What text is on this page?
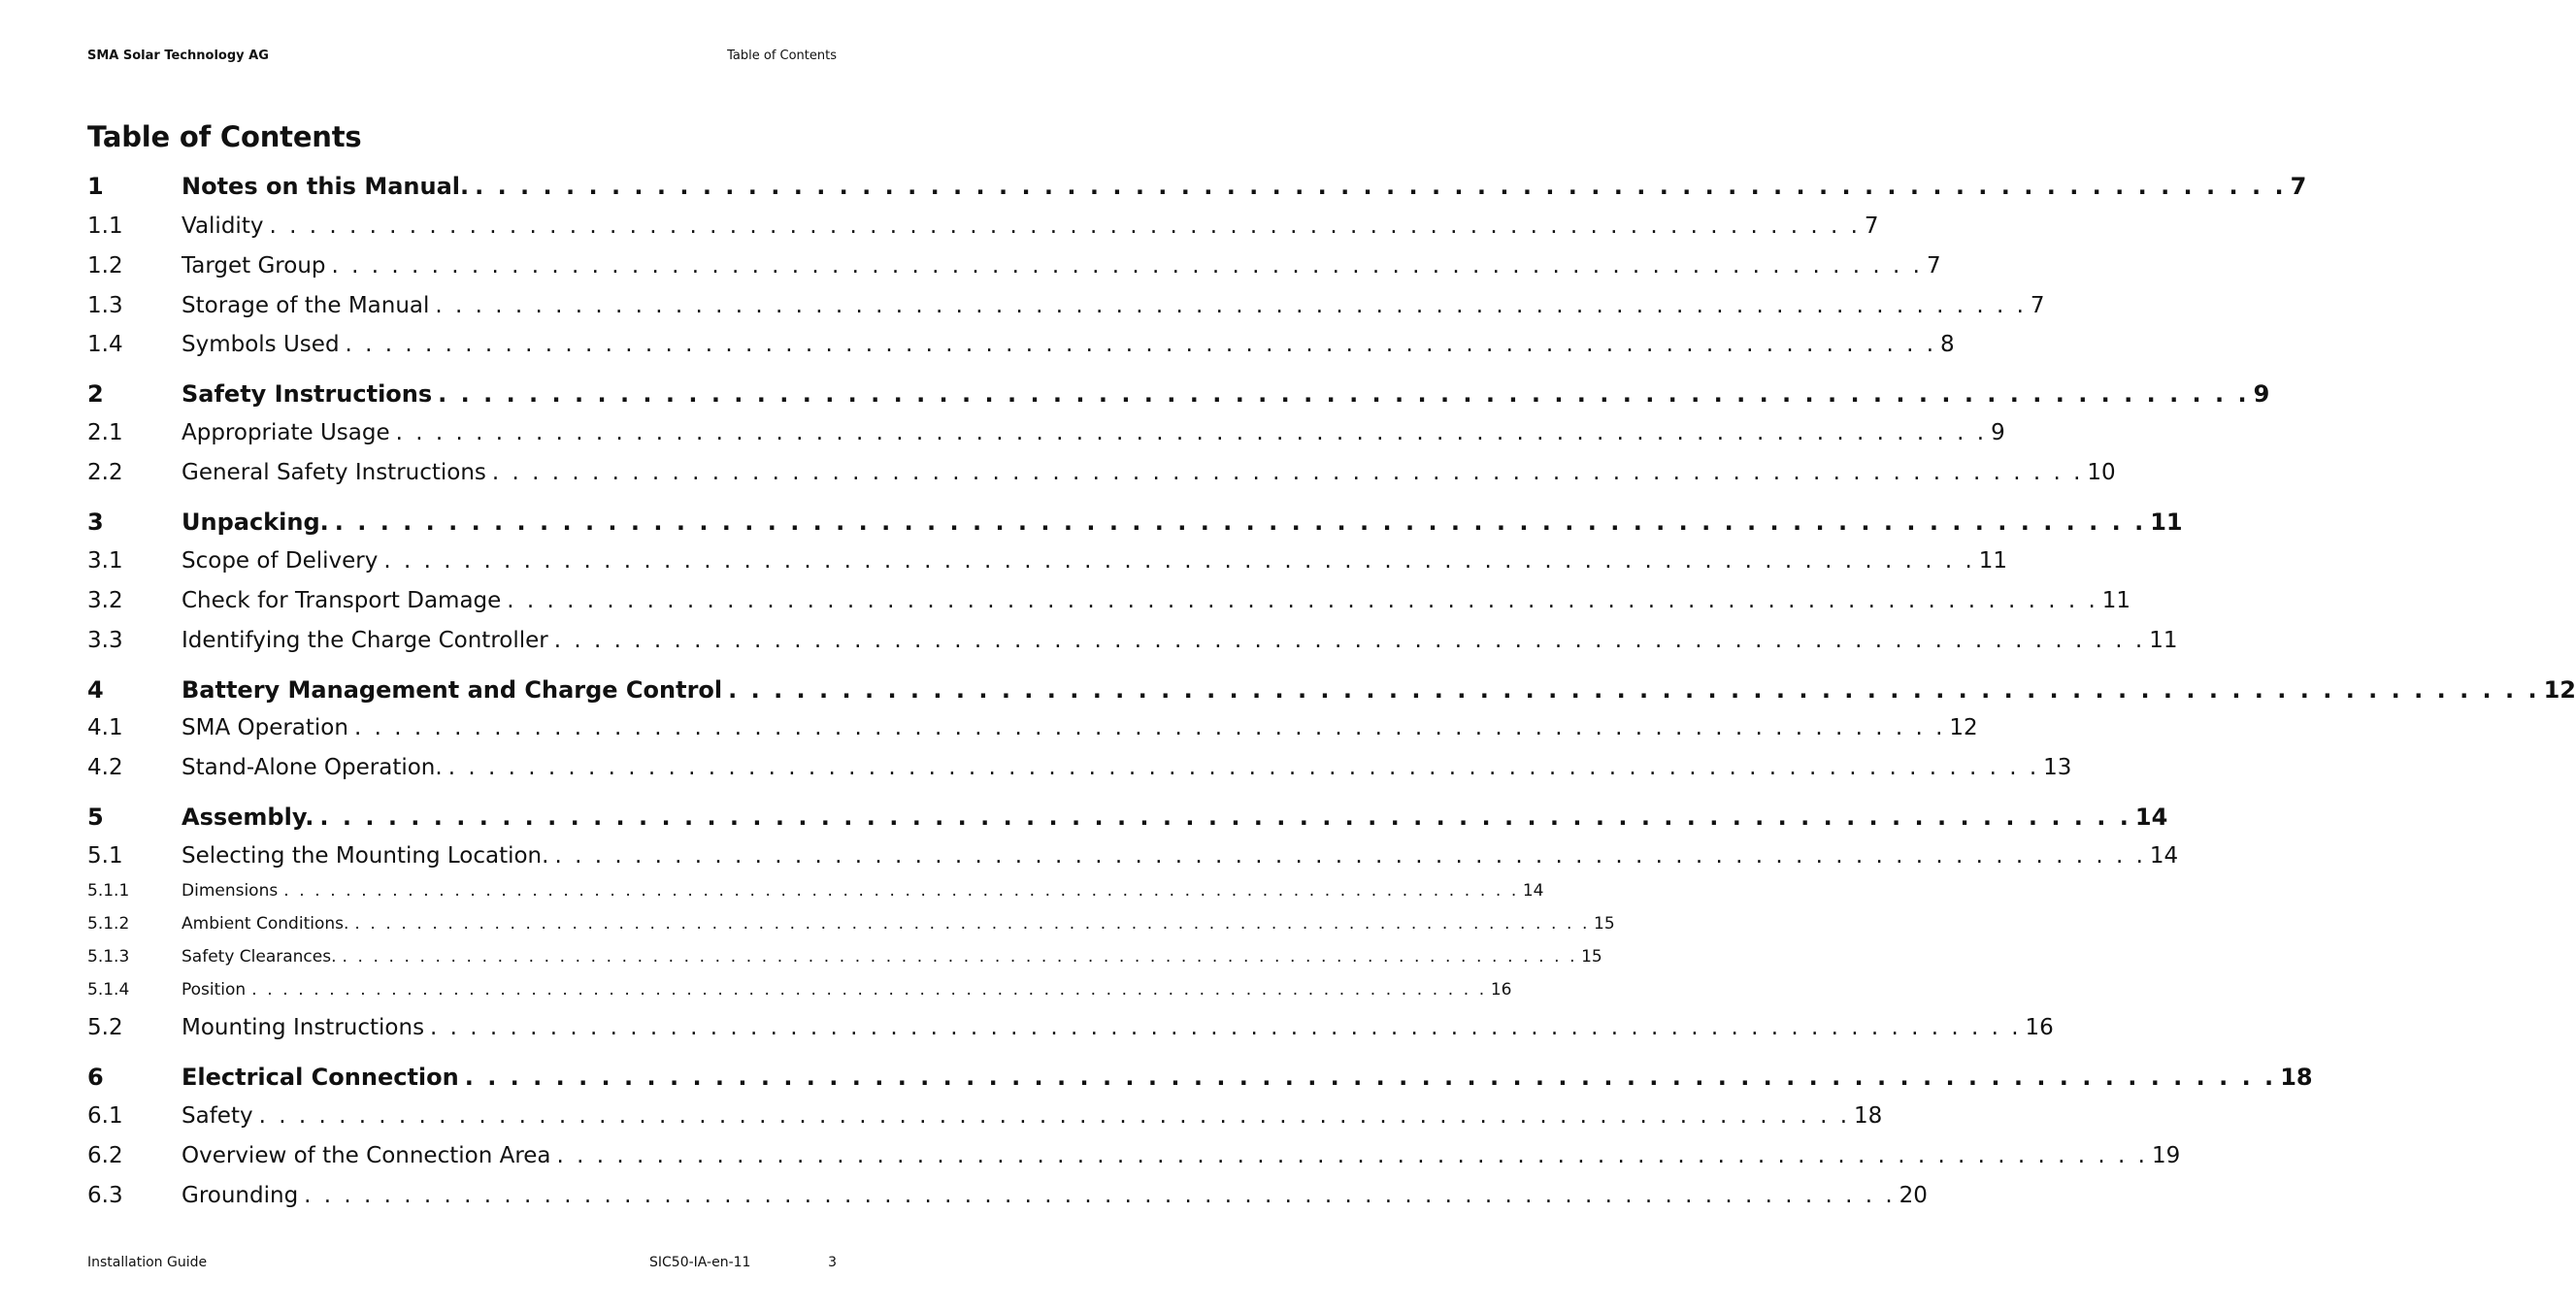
SMA Solar Technology AG	Table of Contents
Table of Contents
1	Notes on this Manual. . . . . . . . . . . . . . . . . . . . . . . . . . . . . . . . . . . . . . . . . . . . . . . . . . . . . . . . . . . . . . . . . . . . . . . . . . . . . . . . . 7
1.1	Validity . . . . . . . . . . . . . . . . . . . . . . . . . . . . . . . . . . . . . . . . . . . . . . . . . . . . . . . . . . . . . . . . . . . . . . . . . . . . . . . . 7
1.2	Target Group . . . . . . . . . . . . . . . . . . . . . . . . . . . . . . . . . . . . . . . . . . . . . . . . . . . . . . . . . . . . . . . . . . . . . . . . . . . . . . . . 7
1.3	Storage of the Manual . . . . . . . . . . . . . . . . . . . . . . . . . . . . . . . . . . . . . . . . . . . . . . . . . . . . . . . . . . . . . . . . . . . . . . . . . . . . . . . . 7
1.4	Symbols Used . . . . . . . . . . . . . . . . . . . . . . . . . . . . . . . . . . . . . . . . . . . . . . . . . . . . . . . . . . . . . . . . . . . . . . . . . . . . . . . . 8
2	Safety Instructions . . . . . . . . . . . . . . . . . . . . . . . . . . . . . . . . . . . . . . . . . . . . . . . . . . . . . . . . . . . . . . . . . . . . . . . . . . . . . . . . 9
2.1	Appropriate Usage . . . . . . . . . . . . . . . . . . . . . . . . . . . . . . . . . . . . . . . . . . . . . . . . . . . . . . . . . . . . . . . . . . . . . . . . . . . . . . . . 9
2.2	General Safety Instructions . . . . . . . . . . . . . . . . . . . . . . . . . . . . . . . . . . . . . . . . . . . . . . . . . . . . . . . . . . . . . . . . . . . . . . . . . . . . . . . . 10
3	Unpacking. . . . . . . . . . . . . . . . . . . . . . . . . . . . . . . . . . . . . . . . . . . . . . . . . . . . . . . . . . . . . . . . . . . . . . . . . . . . . . . . . 11
3.1	Scope of Delivery . . . . . . . . . . . . . . . . . . . . . . . . . . . . . . . . . . . . . . . . . . . . . . . . . . . . . . . . . . . . . . . . . . . . . . . . . . . . . . . . 11
3.2	Check for Transport Damage . . . . . . . . . . . . . . . . . . . . . . . . . . . . . . . . . . . . . . . . . . . . . . . . . . . . . . . . . . . . . . . . . . . . . . . . . . . . . . . . 11
3.3	Identifying the Charge Controller . . . . . . . . . . . . . . . . . . . . . . . . . . . . . . . . . . . . . . . . . . . . . . . . . . . . . . . . . . . . . . . . . . . . . . . . . . . . . . . . 11
4	Battery Management and Charge Control . . . . . . . . . . . . . . . . . . . . . . . . . . . . . . . . . . . . . . . . . . . . . . . . . . . . . . . . . . . . . . . . . . . . . . . . . . . . . . . . 12
4.1	SMA Operation . . . . . . . . . . . . . . . . . . . . . . . . . . . . . . . . . . . . . . . . . . . . . . . . . . . . . . . . . . . . . . . . . . . . . . . . . . . . . . . . 12
4.2	Stand-Alone Operation. . . . . . . . . . . . . . . . . . . . . . . . . . . . . . . . . . . . . . . . . . . . . . . . . . . . . . . . . . . . . . . . . . . . . . . . . . . . . . . . . 13
5	Assembly. . . . . . . . . . . . . . . . . . . . . . . . . . . . . . . . . . . . . . . . . . . . . . . . . . . . . . . . . . . . . . . . . . . . . . . . . . . . . . . . . 14
5.1	Selecting the Mounting Location. . . . . . . . . . . . . . . . . . . . . . . . . . . . . . . . . . . . . . . . . . . . . . . . . . . . . . . . . . . . . . . . . . . . . . . . . . . . . . . . . 14
5.1.1	Dimensions . . . . . . . . . . . . . . . . . . . . . . . . . . . . . . . . . . . . . . . . . . . . . . . . . . . . . . . . . . . . . . . . . . . . . . . . . . . . . . . . 14
5.1.2	Ambient Conditions. . . . . . . . . . . . . . . . . . . . . . . . . . . . . . . . . . . . . . . . . . . . . . . . . . . . . . . . . . . . . . . . . . . . . . . . . . . . . . . . . 15
5.1.3	Safety Clearances. . . . . . . . . . . . . . . . . . . . . . . . . . . . . . . . . . . . . . . . . . . . . . . . . . . . . . . . . . . . . . . . . . . . . . . . . . . . . . . . . 15
5.1.4	Position . . . . . . . . . . . . . . . . . . . . . . . . . . . . . . . . . . . . . . . . . . . . . . . . . . . . . . . . . . . . . . . . . . . . . . . . . . . . . . . . 16
5.2	Mounting Instructions . . . . . . . . . . . . . . . . . . . . . . . . . . . . . . . . . . . . . . . . . . . . . . . . . . . . . . . . . . . . . . . . . . . . . . . . . . . . . . . . 16
6	Electrical Connection . . . . . . . . . . . . . . . . . . . . . . . . . . . . . . . . . . . . . . . . . . . . . . . . . . . . . . . . . . . . . . . . . . . . . . . . . . . . . . . . 18
6.1	Safety . . . . . . . . . . . . . . . . . . . . . . . . . . . . . . . . . . . . . . . . . . . . . . . . . . . . . . . . . . . . . . . . . . . . . . . . . . . . . . . . 18
6.2	Overview of the Connection Area . . . . . . . . . . . . . . . . . . . . . . . . . . . . . . . . . . . . . . . . . . . . . . . . . . . . . . . . . . . . . . . . . . . . . . . . . . . . . . . . 19
6.3	Grounding . . . . . . . . . . . . . . . . . . . . . . . . . . . . . . . . . . . . . . . . . . . . . . . . . . . . . . . . . . . . . . . . . . . . . . . . . . . . . . . . 20
Installation Guide	SIC50-IA-en-11	3
